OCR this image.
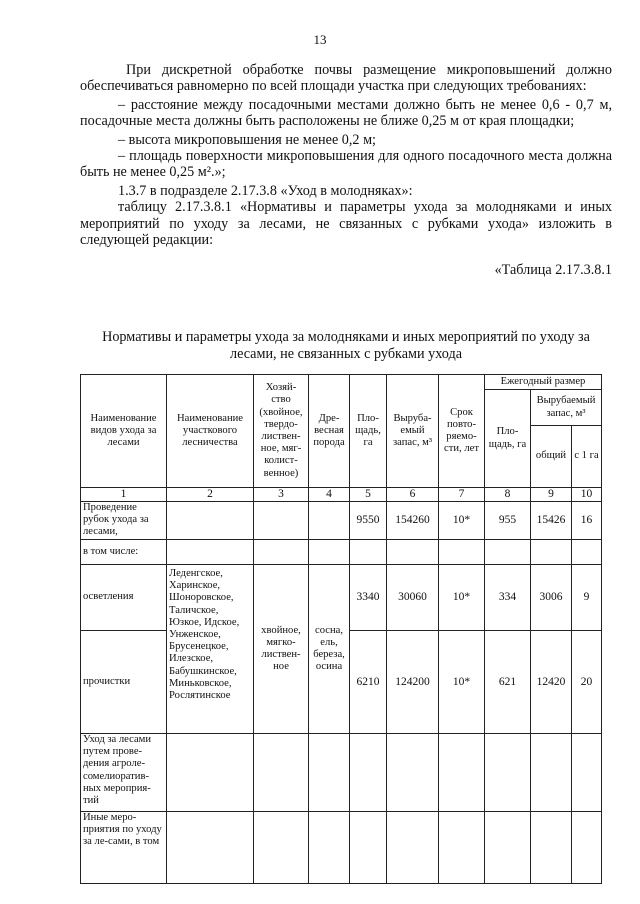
13

При дискретной обработке почвы размещение микроповышений должно обеспечиваться равномерно по всей площади участка при следующих требованиях:

– расстояние между посадочными местами должно быть не менее 0,6 - 0,7 м, посадочные места должны быть расположены не ближе 0,25 м от края площадки;

– высота микроповышения не менее 0,2 м;

– площадь поверхности микроповышения для одного посадочного места должна быть не менее 0,25 м².»;

1.3.7 в подразделе 2.17.3.8 «Уход в молодняках»:

таблицу 2.17.3.8.1 «Нормативы и параметры ухода за молодняками и иных мероприятий по уходу за лесами, не связанных с рубками ухода» изложить в следующей редакции:

«Таблица 2.17.3.8.1

Нормативы и параметры ухода за молодняками и иных мероприятий по уходу за лесами, не связанных с рубками ухода
Наименование видов ухода за лесами	Наименование участкового лесничества	Хозяй-ство (хвойное, твердо-листвен-ное, мяг-колист-венное)	Дре-весная порода	Пло-щадь, га	Выруба-емый запас, м³	Срок повто-ряемо-сти, лет	Ежегодный размер		
							Пло-щадь, га	Вырубаемый запас, м³	
								общий	с 1 га
1	2	3	4	5	6	7	8	9	10
Проведение рубок ухода за лесами,				9550	154260	10*	955	15426	16
в том числе:									
осветления	Леденгское, Харинское, Шоноровское, Таличское, Юзкое, Идское, Унженское, Брусенецкое, Илезское, Бабушкинское, Миньковское, Рослятинское	хвойное, мягко-листвен-ное	сосна, ель, береза, осина	3340	30060	10*	334	3006	9
прочистки				6210	124200	10*	621	12420	20
Уход за лесами путем прове-дения агроле-сомелиоратив-ных мероприя-тий									
Иные меро-приятия по уходу за ле-сами, в том									
